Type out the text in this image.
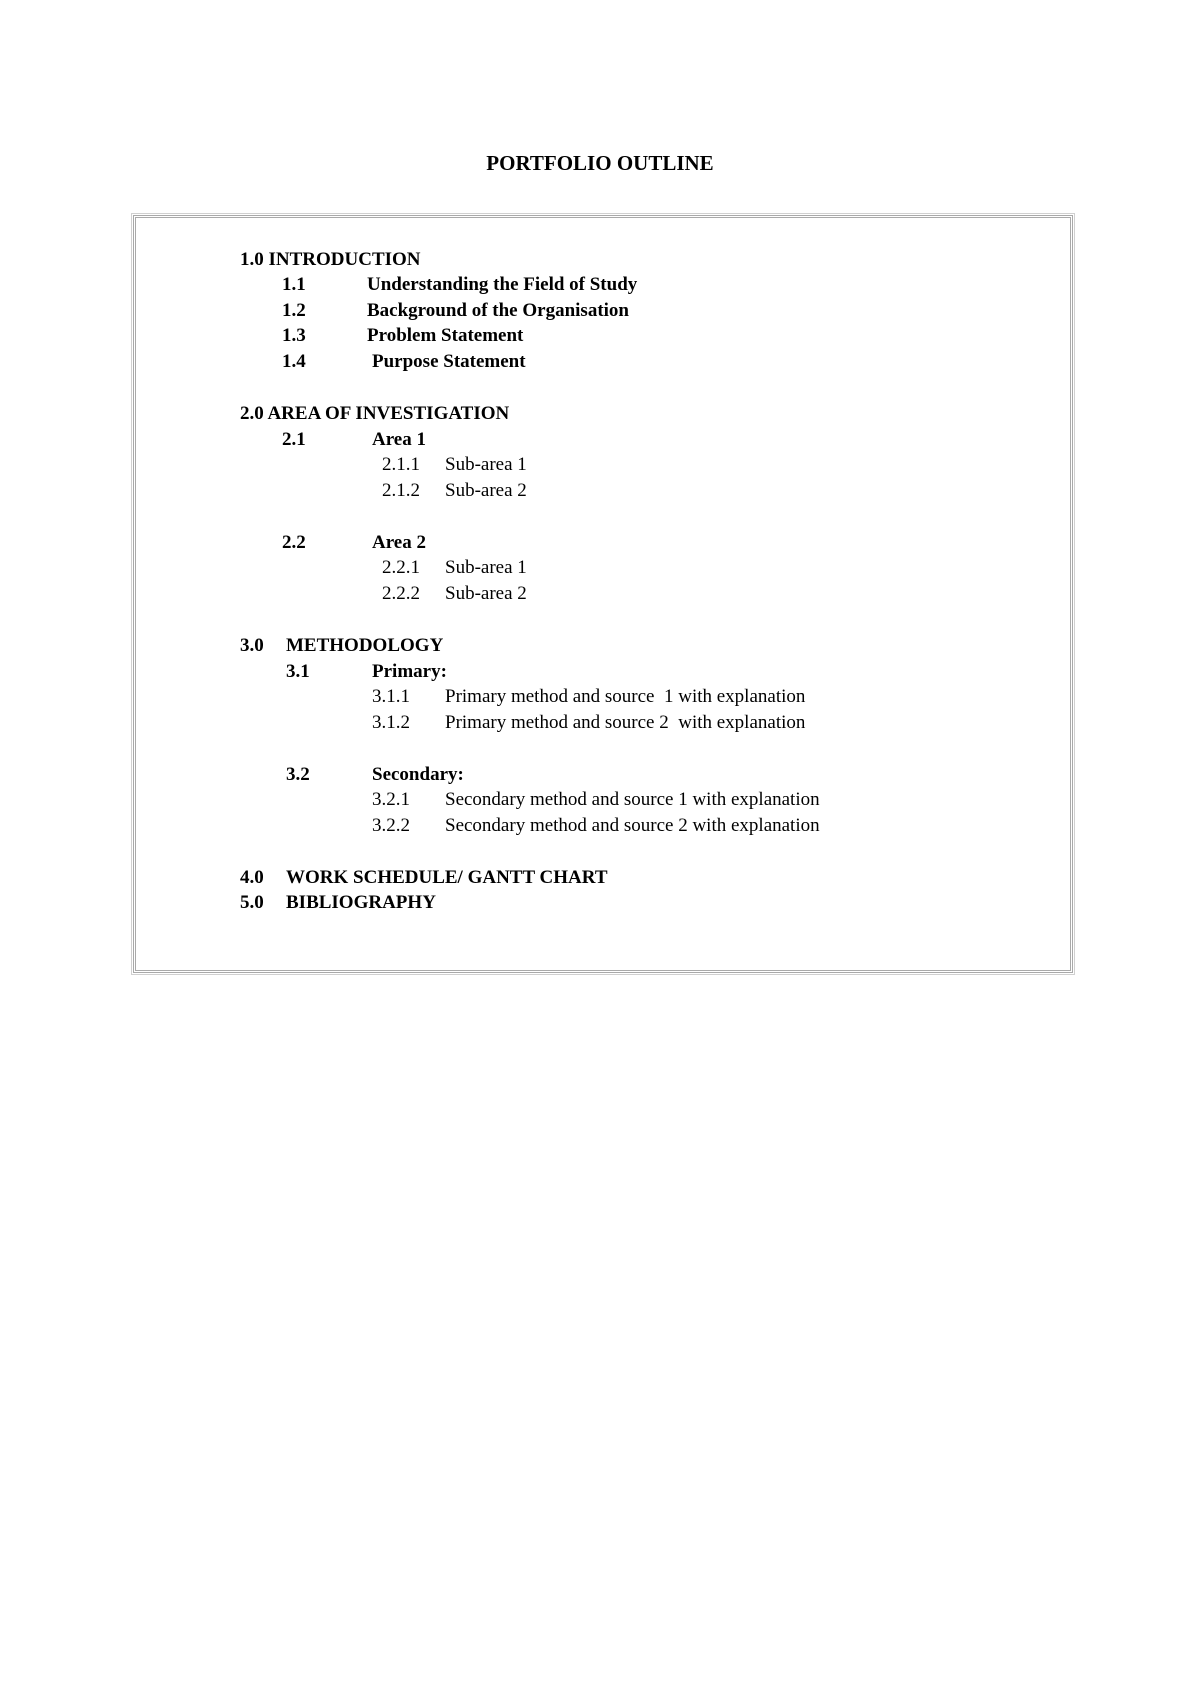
PORTFOLIO OUTLINE
1.0 INTRODUCTION
1.1	Understanding the Field of Study
1.2	Background of the Organisation
1.3	Problem Statement
1.4	Purpose Statement
2.0 AREA OF INVESTIGATION
2.1	Area 1
2.1.1 Sub-area 1
2.1.2 Sub-area 2
2.2	Area 2
2.2.1 Sub-area 1
2.2.2 Sub-area 2
3.0 METHODOLOGY
3.1	Primary:
3.1.1 Primary method and source  1 with explanation
3.1.2 Primary method and source 2  with explanation
3.2	Secondary:
3.2.1 Secondary method and source 1 with explanation
3.2.2 Secondary method and source 2 with explanation
4.0 WORK SCHEDULE/ GANTT CHART
5.0 BIBLIOGRAPHY
